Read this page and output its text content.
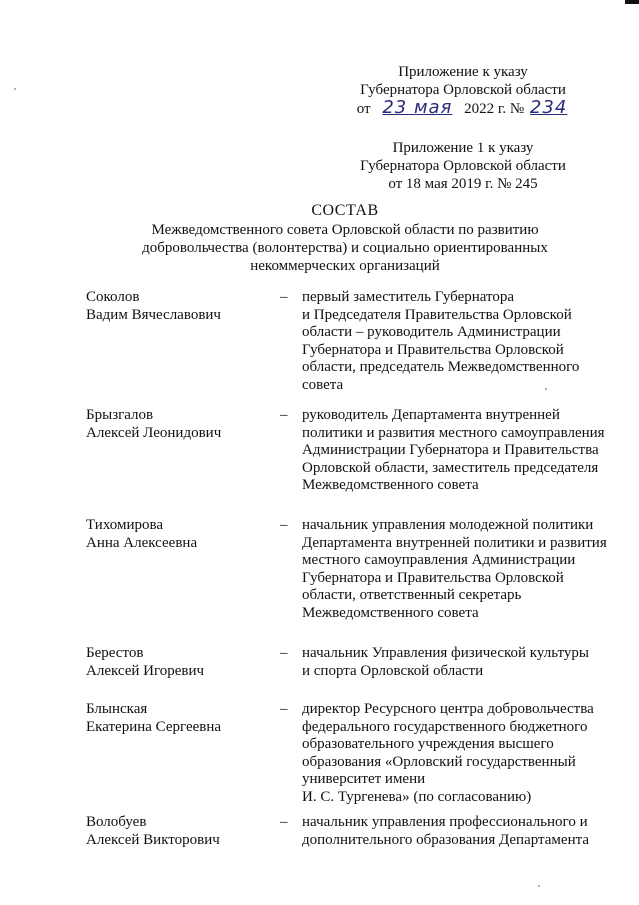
Приложение к указу
Губернатора Орловской области
от 23 мая 2022 г. № 234
Приложение 1 к указу
Губернатора Орловской области
от 18 мая 2019 г. № 245
СОСТАВ
Межведомственного совета Орловской области по развитию
добровольчества (волонтерства) и социально ориентированных
некоммерческих организаций
Соколов
Вадим Вячеславович
– первый заместитель Губернатора
и Председателя Правительства Орловской
области – руководитель Администрации
Губернатора и Правительства Орловской
области, председатель Межведомственного
совета
Брызгалов
Алексей Леонидович
– руководитель Департамента внутренней
политики и развития местного самоуправления
Администрации Губернатора и Правительства
Орловской области, заместитель председателя
Межведомственного совета
Тихомирова
Анна Алексеевна
– начальник управления молодежной политики
Департамента внутренней политики и развития
местного самоуправления Администрации
Губернатора и Правительства Орловской
области, ответственный секретарь
Межведомственного совета
Берестов
Алексей Игоревич
– начальник Управления физической культуры
и спорта Орловской области
Блынская
Екатерина Сергеевна
– директор Ресурсного центра добровольчества
федерального государственного бюджетного
образовательного учреждения высшего
образования «Орловский государственный
университет имени
И. С. Тургенева» (по согласованию)
Волобуев
Алексей Викторович
– начальник управления профессионального и
дополнительного образования Департамента
